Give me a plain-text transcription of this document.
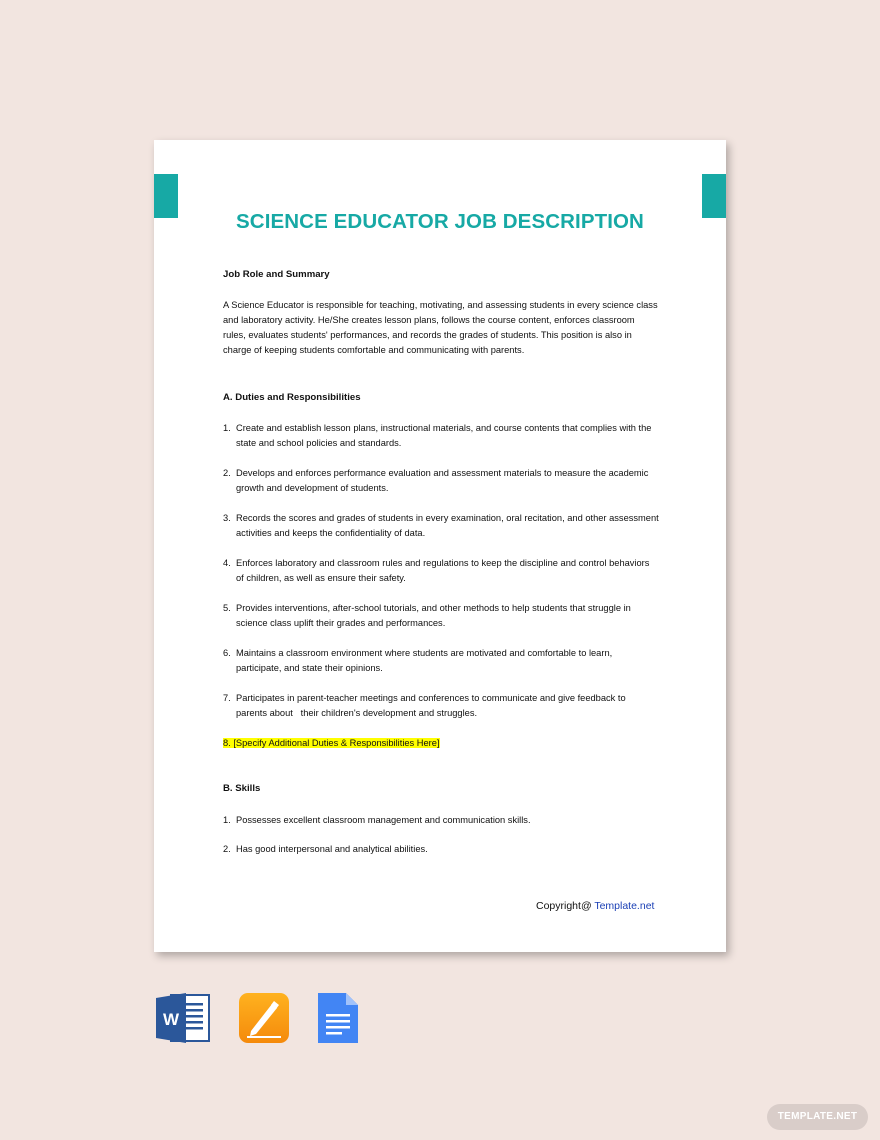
SCIENCE EDUCATOR JOB DESCRIPTION
Job Role and Summary

A Science Educator is responsible for teaching, motivating, and assessing students in every science class and laboratory activity. He/She creates lesson plans, follows the course content, enforces classroom rules, evaluates students' performances, and records the grades of students. This position is also in charge of keeping students comfortable and communicating with parents.

A. Duties and Responsibilities
1. Create and establish lesson plans, instructional materials, and course contents that complies with the state and school policies and standards.
2. Develops and enforces performance evaluation and assessment materials to measure the academic growth and development of students.
3. Records the scores and grades of students in every examination, oral recitation, and other assessment activities and keeps the confidentiality of data.
4. Enforces laboratory and classroom rules and regulations to keep the discipline and control behaviors of children, as well as ensure their safety.
5. Provides interventions, after-school tutorials, and other methods to help students that struggle in science class uplift their grades and performances.
6. Maintains a classroom environment where students are motivated and comfortable to learn, participate, and state their opinions.
7. Participates in parent-teacher meetings and conferences to communicate and give feedback to parents about   their children's development and struggles.
8. [Specify Additional Duties & Responsibilities Here]
B. Skills
1. Possesses excellent classroom management and communication skills.
2. Has good interpersonal and analytical abilities.
Copyright@ Template.net
W
TEMPLATE.NET
